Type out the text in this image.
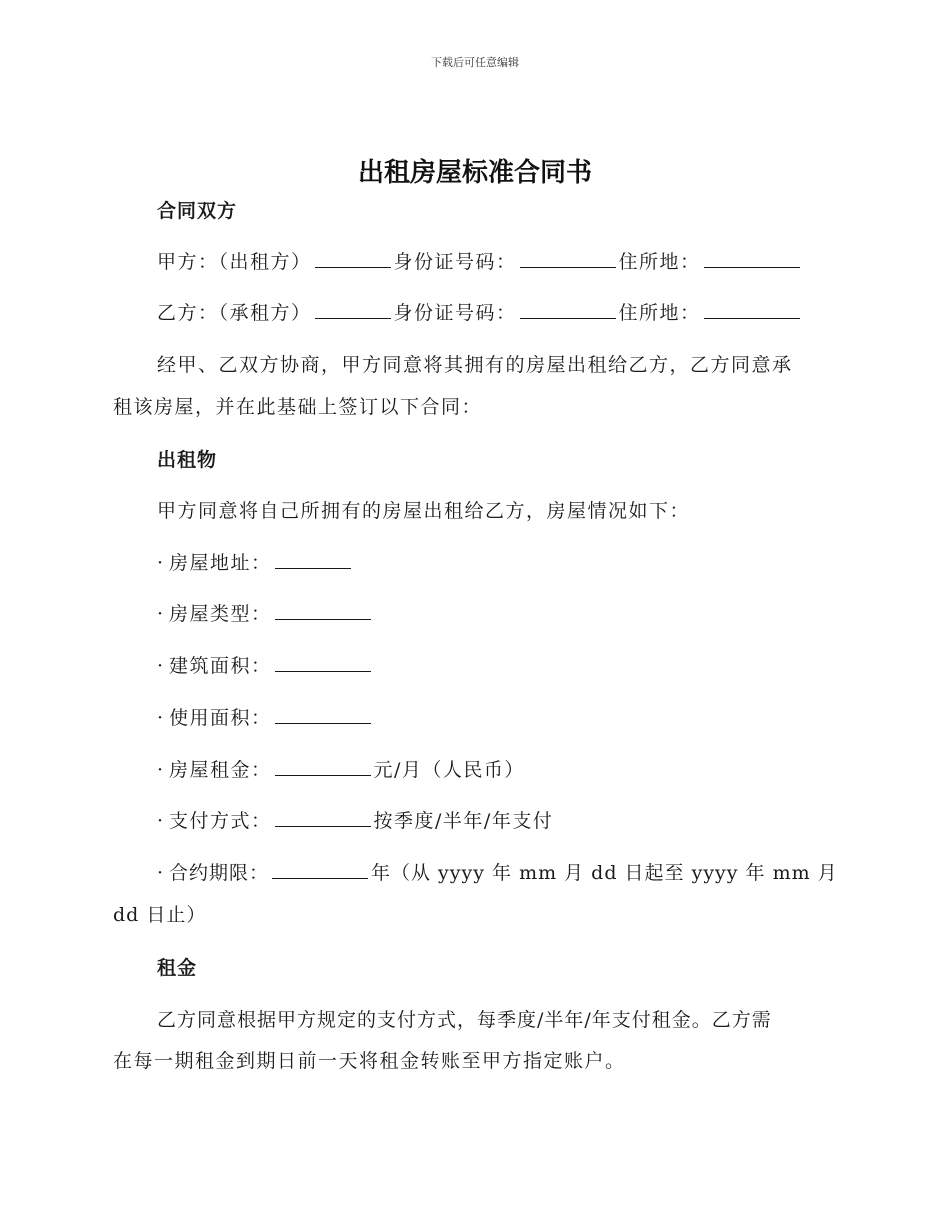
下载后可任意编辑
出租房屋标准合同书
合同双方
甲方：（出租方）	身份证号码：	住所地：
乙方：（承租方）	身份证号码：	住所地：
经甲、乙双方协商，甲方同意将其拥有的房屋出租给乙方，乙方同意承
租该房屋，并在此基础上签订以下合同：
出租物
甲方同意将自己所拥有的房屋出租给乙方，房屋情况如下：
· 房屋地址：
· 房屋类型：
· 建筑面积：
· 使用面积：
· 房屋租金：	元/月（人民币）
· 支付方式：	按季度/半年/年支付
· 合约期限：	年（从 yyyy 年 mm 月 dd 日起至 yyyy 年 mm 月
dd 日止）
租金
乙方同意根据甲方规定的支付方式，每季度/半年/年支付租金。乙方需
在每一期租金到期日前一天将租金转账至甲方指定账户。
